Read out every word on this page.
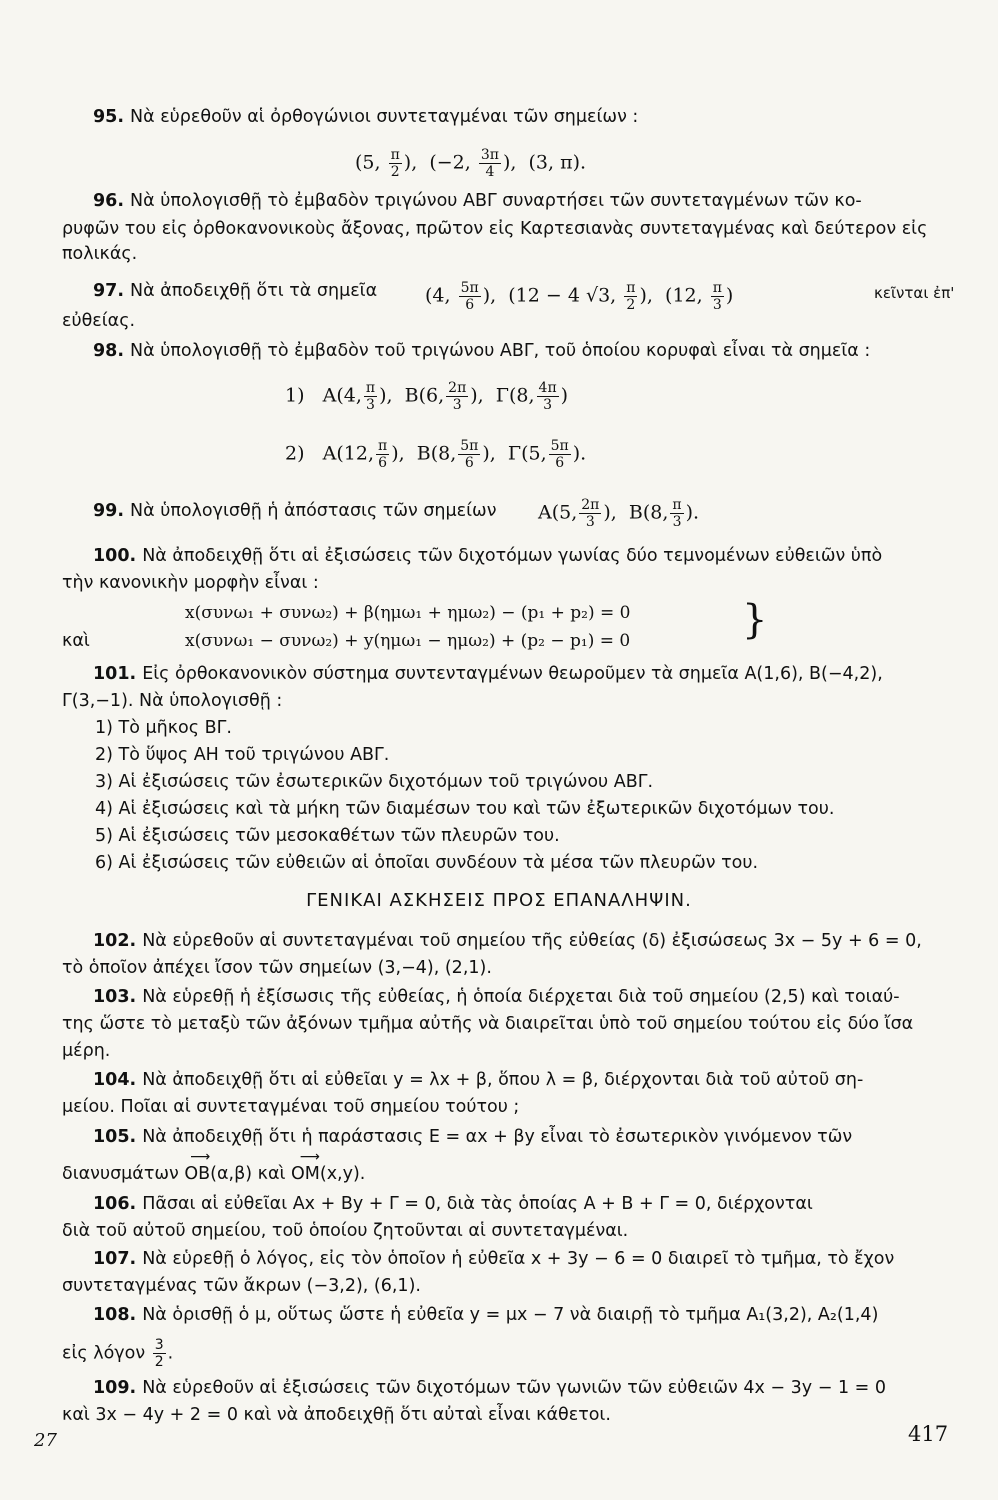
95. Νὰ εὑρεθοῦν αἱ ὀρθογώνιοι συντεταγμέναι τῶν σημείων :
(5, $\frac{\pi}{2}$ ), (−2, $\frac{3\pi}{4}$ ), (3, π).
96. Νὰ ὑπολογισθῇ τὸ ἐμβαδὸν τριγώνου ΑΒΓ συναρτήσει τῶν συντεταγμένων τῶν κο-
ρυφῶν του εἰς ὀρθοκανονικοὺς ἄξονας, πρῶτον εἰς Καρτεσιανὰς συντεταγμένας καὶ δεύτερον εἰς
πολικάς.
97. Νὰ ἀποδειχθῇ ὅτι τὰ σημεῖα	(4, $\frac{5\pi}{6}$ ), (12 − 4 √3, $\frac{\pi}{2}$ ), (12, $\frac{\pi}{3}$ )	κεῖνται ἐπ'
εὐθείας.
98. Νὰ ὑπολογισθῇ τὸ ἐμβαδὸν τοῦ τριγώνου ΑΒΓ, τοῦ ὁποίου κορυφαὶ εἶναι τὰ σημεῖα :
1) Α(4, $\frac{\pi}{3}$ ),  Β(6, $\frac{2\pi}{3}$ ),  Γ(8, $\frac{4\pi}{3}$ )
2) Α(12, $\frac{\pi}{6}$ ),  Β(8, $\frac{5\pi}{6}$ ),  Γ(5, $\frac{5\pi}{6}$ ).
99. Νὰ ὑπολογισθῇ ἡ ἀπόστασις τῶν σημείων	Α(5, $\frac{2\pi}{3}$ ),  Β(8, $\frac{\pi}{3}$ ).
100. Νὰ ἀποδειχθῇ ὅτι αἱ ἐξισώσεις τῶν διχοτόμων γωνίας δύο τεμνομένων εὐθειῶν ὑπὸ
τὴν κανονικὴν μορφὴν εἶναι :
x(συνω₁ + συνω₂) + β(ημω₁ + ημω₂) − (p₁ + p₂) = 0
καὶ	x(συνω₁ − συνω₂) + y(ημω₁ − ημω₂) + (p₂ − p₁) = 0	}
101. Εἰς ὀρθοκανονικὸν σύστημα συντενταγμένων θεωροῦμεν τὰ σημεῖα Α(1,6), Β(−4,2),
Γ(3,−1). Νὰ ὑπολογισθῇ :
1) Τὸ μῆκος ΒΓ.
2) Τὸ ὕψος ΑΗ τοῦ τριγώνου ΑΒΓ.
3) Αἱ ἐξισώσεις τῶν ἐσωτερικῶν διχοτόμων τοῦ τριγώνου ΑΒΓ.
4) Αἱ ἐξισώσεις καὶ τὰ μήκη τῶν διαμέσων του καὶ τῶν ἐξωτερικῶν διχοτόμων του.
5) Αἱ ἐξισώσεις τῶν μεσοκαθέτων τῶν πλευρῶν του.
6) Αἱ ἐξισώσεις τῶν εὐθειῶν αἱ ὁποῖαι συνδέουν τὰ μέσα τῶν πλευρῶν του.
ΓΕΝΙΚΑΙ ΑΣΚΗΣΕΙΣ ΠΡΟΣ ΕΠΑΝΑΛΗΨΙΝ.
102. Νὰ εὑρεθοῦν αἱ συντεταγμέναι τοῦ σημείου τῆς εὐθείας (δ) ἐξισώσεως 3x − 5y + 6 = 0,
τὸ ὁποῖον ἀπέχει ἴσον τῶν σημείων (3,−4), (2,1).
103. Νὰ εὑρεθῇ ἡ ἐξίσωσις τῆς εὐθείας, ἡ ὁποία διέρχεται διὰ τοῦ σημείου (2,5) καὶ τοιαύ-
της ὥστε τὸ μεταξὺ τῶν ἀξόνων τμῆμα αὐτῆς νὰ διαιρεῖται ὑπὸ τοῦ σημείου τούτου εἰς δύο ἴσα
μέρη.
104. Νὰ ἀποδειχθῇ ὅτι αἱ εὐθεῖαι y = λx + β, ὅπου λ = β, διέρχονται διὰ τοῦ αὐτοῦ ση-
μείου. Ποῖαι αἱ συντεταγμέναι τοῦ σημείου τούτου ;
105. Νὰ ἀποδειχθῇ ὅτι ἡ παράστασις Ε = αx + βy εἶναι τὸ ἐσωτερικὸν γινόμενον τῶν
διανυσμάτων
⟶
OB(α,β) καὶ
⟶
OM(x,y).
106. Πᾶσαι αἱ εὐθεῖαι Αx + Βy + Γ = 0, διὰ τὰς ὁποίας Α + Β + Γ = 0, διέρχονται
διὰ τοῦ αὐτοῦ σημείου, τοῦ ὁποίου ζητοῦνται αἱ συντεταγμέναι.
107. Νὰ εὑρεθῇ ὁ λόγος, εἰς τὸν ὁποῖον ἡ εὐθεῖα x + 3y − 6 = 0 διαιρεῖ τὸ τμῆμα, τὸ ἔχον
συντεταγμένας τῶν ἄκρων (−3,2), (6,1).
108. Νὰ ὁρισθῇ ὁ μ, οὕτως ὥστε ἡ εὐθεῖα y = μx − 7 νὰ διαιρῇ τὸ τμῆμα Α₁(3,2), Α₂(1,4)
εἰς λόγον $\frac{3}{2}$ .
109. Νὰ εὑρεθοῦν αἱ ἐξισώσεις τῶν διχοτόμων τῶν γωνιῶν τῶν εὐθειῶν 4x − 3y − 1 = 0
καὶ 3x − 4y + 2 = 0 καὶ νὰ ἀποδειχθῇ ὅτι αὐταὶ εἶναι κάθετοι.
27	417
